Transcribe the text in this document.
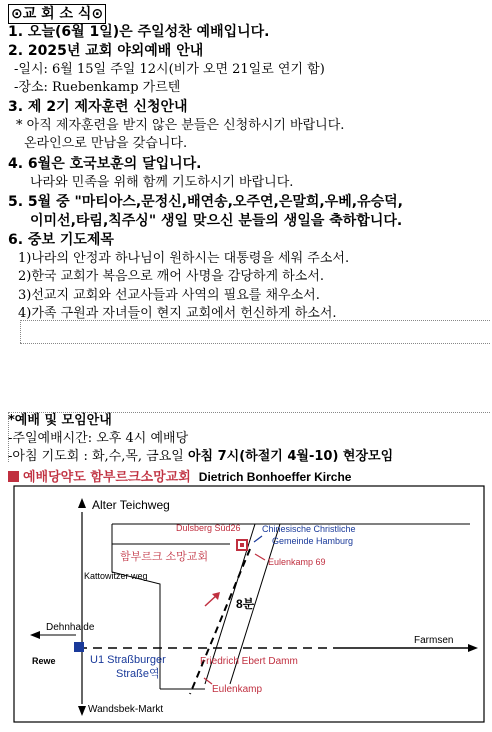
⊙교 회 소 식⊙
1. 오늘(6월 1일)은 주일성찬 예배입니다.
2. 2025년 교회 야외예배 안내
-일시: 6월 15일 주일 12시(비가 오면 21일로 연기 함)
-장소: Ruebenkamp 가르텐
3. 제 2기 제자훈련 신청안내
* 아직 제자훈련을 받지 않은 분들은 신청하시기 바랍니다.
온라인으로 만남을 갖습니다.
4. 6월은 호국보훈의 달입니다.
나라와 민족을 위해 함께 기도하시기 바랍니다.
5. 5월 중 "마티아스,문정신,배연송,오주연,은말희,우베,유승덕,
이미선,타림,칙주싱" 생일 맞으신 분들의 생일을 축하합니다.
6. 중보 기도제목
1)나라의 안정과 하나님이 원하시는 대통령을 세워 주소서.
2)한국 교회가 복음으로 깨어 사명을 감당하게 하소서.
3)선교지 교회와 선교사들과 사역의 필요를 채우소서.
4)가족 구원과 자녀들이 현지 교회에서 헌신하게 하소서.
*예배 및 모임안내
-주일예배시간: 오후 4시 예배당
-아침 기도회 : 화,수,목, 금요일 아침 7시(하절기 4월-10) 현장모임
예배당약도 함부르크소망교회 Dietrich Bonhoeffer Kirche
Alter Teichweg
Dulsberg Süd26 Chinesische Christliche
Gemeinde Hamburg
함부르크 소망교회	Eulenkamp 69
Kattowitzer weg
8분
Dehnhaide
Farmsen
Rewe	U1 Straßburger
Straße역
Friedrich Ebert Damm
Eulenkamp
Wandsbek-Markt
